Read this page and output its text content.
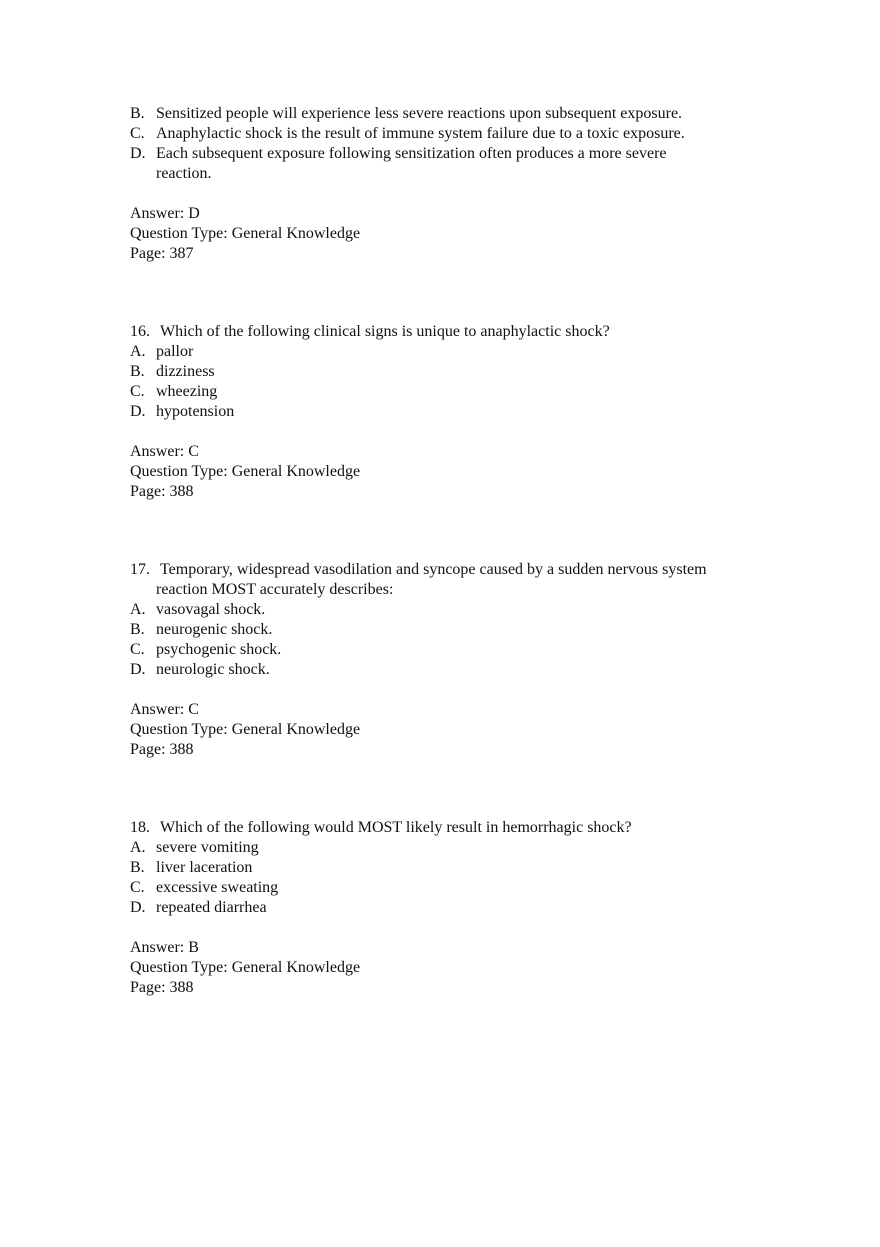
B. Sensitized people will experience less severe reactions upon subsequent exposure.
C. Anaphylactic shock is the result of immune system failure due to a toxic exposure.
D. Each subsequent exposure following sensitization often produces a more severe
reaction.
Answer: D
Question Type: General Knowledge
Page: 387
16. Which of the following clinical signs is unique to anaphylactic shock?
A. pallor
B. dizziness
C. wheezing
D. hypotension
Answer: C
Question Type: General Knowledge
Page: 388
17. Temporary, widespread vasodilation and syncope caused by a sudden nervous system
reaction MOST accurately describes:
A. vasovagal shock.
B. neurogenic shock.
C. psychogenic shock.
D. neurologic shock.
Answer: C
Question Type: General Knowledge
Page: 388
18. Which of the following would MOST likely result in hemorrhagic shock?
A. severe vomiting
B. liver laceration
C. excessive sweating
D. repeated diarrhea
Answer: B
Question Type: General Knowledge
Page: 388
